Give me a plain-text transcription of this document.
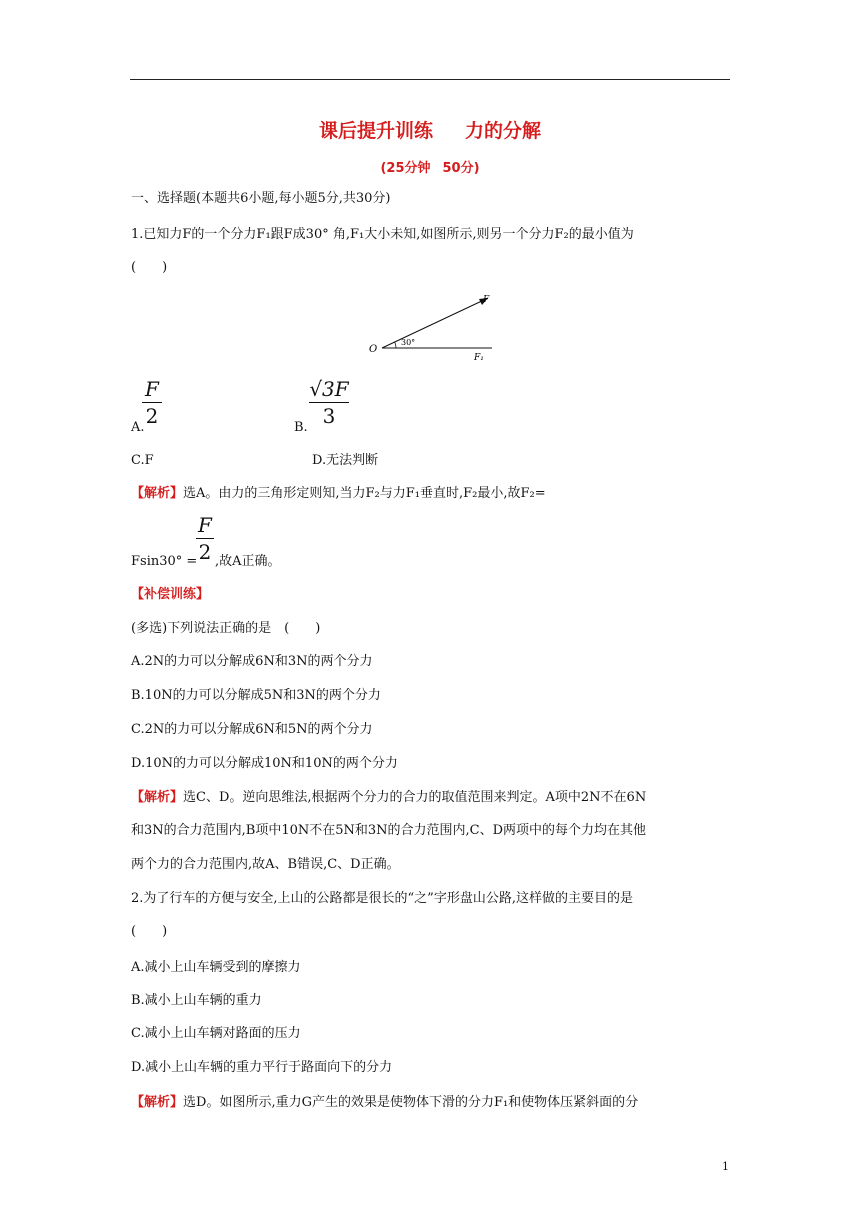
课后提升训练 力的分解
(25分钟 50分)
一、选择题(本题共6小题,每小题5分,共30分)
1.已知力F的一个分力F₁跟F成30° 角,F₁大小未知,如图所示,则另一个分力F₂的最小值为
(　　)
O
F
F₁
30°
A.
F
2	B.
√3F
3
C.F	D.无法判断
【解析】选A。由力的三角形定则知,当力F₂与力F₁垂直时,F₂最小,故F₂=
Fsin30° =
F
2 ,故A正确。
【补偿训练】
(多选)下列说法正确的是　(　　)
A.2N的力可以分解成6N和3N的两个分力
B.10N的力可以分解成5N和3N的两个分力
C.2N的力可以分解成6N和5N的两个分力
D.10N的力可以分解成10N和10N的两个分力
【解析】选C、D。逆向思维法,根据两个分力的合力的取值范围来判定。A项中2N不在6N
和3N的合力范围内,B项中10N不在5N和3N的合力范围内,C、D两项中的每个力均在其他
两个力的合力范围内,故A、B错误,C、D正确。
2.为了行车的方便与安全,上山的公路都是很长的“之”字形盘山公路,这样做的主要目的是
(　　)
A.减小上山车辆受到的摩擦力
B.减小上山车辆的重力
C.减小上山车辆对路面的压力
D.减小上山车辆的重力平行于路面向下的分力
【解析】选D。如图所示,重力G产生的效果是使物体下滑的分力F₁和使物体压紧斜面的分
1
